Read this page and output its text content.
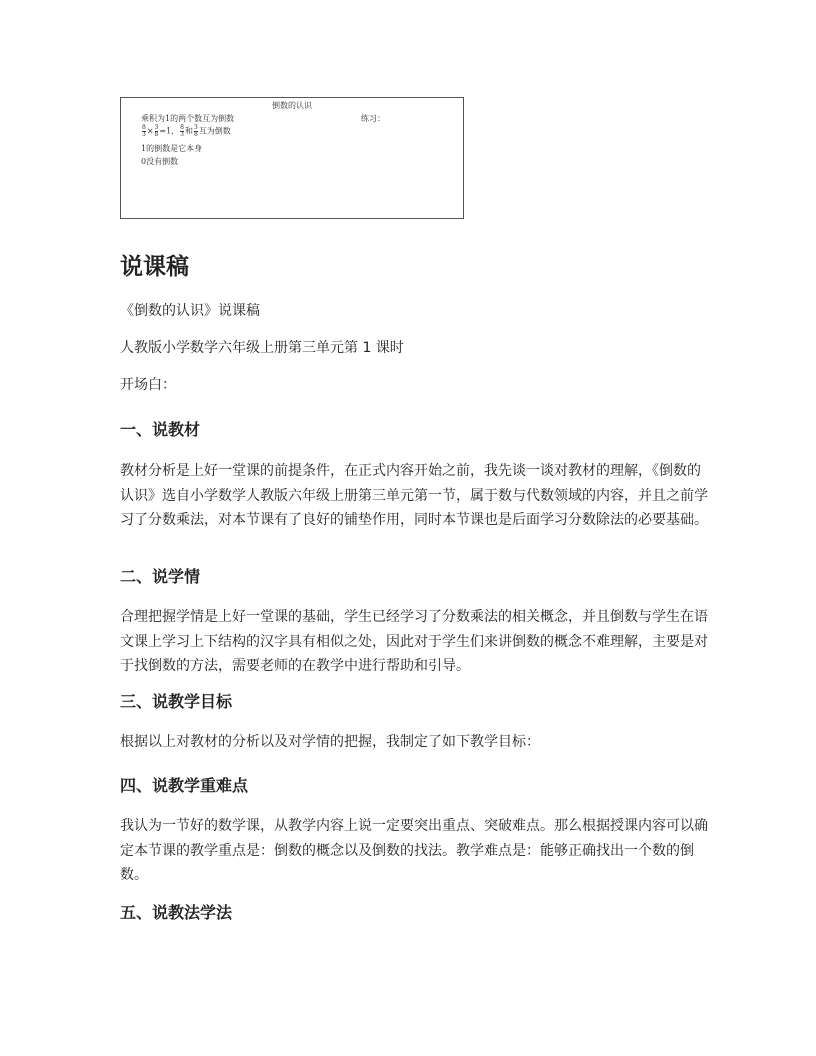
倒数的认识
乘积为1的两个数互为倒数	练习：
$\frac{8}{3} \times \frac{3}{8} =1$， $\frac{8}{3}$ 和 $\frac{3}{8}$ 互为倒数
1的倒数是它本身
0没有倒数
说课稿

《倒数的认识》说课稿

人教版小学数学六年级上册第三单元第 1 课时

开场白：

一、说教材

教材分析是上好一堂课的前提条件，在正式内容开始之前，我先谈一谈对教材的理解，《倒数的认识》选自小学数学人教版六年级上册第三单元第一节，属于数与代数领域的内容，并且之前学习了分数乘法，对本节课有了良好的铺垫作用，同时本节课也是后面学习分数除法的必要基础。

二、说学情

合理把握学情是上好一堂课的基础，学生已经学习了分数乘法的相关概念，并且倒数与学生在语文课上学习上下结构的汉字具有相似之处，因此对于学生们来讲倒数的概念不难理解，主要是对于找倒数的方法，需要老师的在教学中进行帮助和引导。

三、说教学目标

根据以上对教材的分析以及对学情的把握，我制定了如下教学目标：

四、说教学重难点

我认为一节好的数学课，从教学内容上说一定要突出重点、突破难点。那么根据授课内容可以确定本节课的教学重点是：倒数的概念以及倒数的找法。教学难点是：能够正确找出一个数的倒数。

五、说教法学法
